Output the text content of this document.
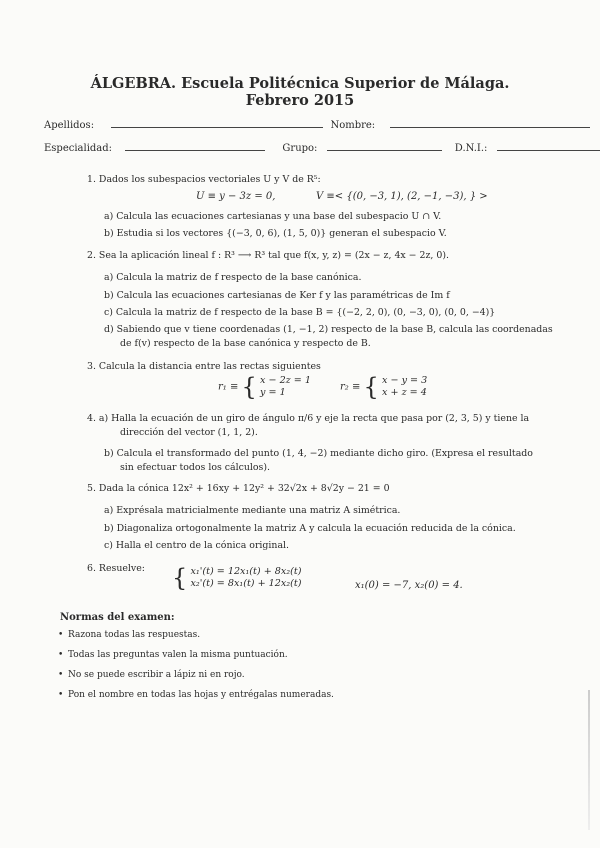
ÁLGEBRA. Escuela Politécnica Superior de Málaga.
Febrero 2015
Apellidos:	Nombre:
Especialidad:	Grupo:	D.N.I.:
1. Dados los subespacios vectoriales U y V de R⁵:
U ≡ y − 3z = 0,	V ≡< {(0, −3, 1), (2, −1, −3), } >
a) Calcula las ecuaciones cartesianas y una base del subespacio U ∩ V.
b) Estudia si los vectores {(−3, 0, 6), (1, 5, 0)} generan el subespacio V.
2. Sea la aplicación lineal f : R³ ⟶ R³ tal que f(x, y, z) = (2x − z, 4x − 2z, 0).
a) Calcula la matriz de f respecto de la base canónica.
b) Calcula las ecuaciones cartesianas de Ker f y las paramétricas de Im f
c) Calcula la matriz de f respecto de la base B = {(−2, 2, 0), (0, −3, 0), (0, 0, −4)}
d) Sabiendo que v tiene coordenadas (1, −1, 2) respecto de la base B, calcula las coordenadas
de f(v) respecto de la base canónica y respecto de B.
3. Calcula la distancia entre las rectas siguientes
r₁ ≡ { x − 2z = 1
y = 1	r₂ ≡ { x − y = 3
x + z = 4
4. a) Halla la ecuación de un giro de ángulo π/6 y eje la recta que pasa por (2, 3, 5) y tiene la
dirección del vector (1, 1, 2).
b) Calcula el transformado del punto (1, 4, −2) mediante dicho giro. (Expresa el resultado
sin efectuar todos los cálculos).
5. Dada la cónica 12x² + 16xy + 12y² + 32√2x + 8√2y − 21 = 0
a) Exprésala matricialmente mediante una matriz A simétrica.
b) Diagonaliza ortogonalmente la matriz A y calcula la ecuación reducida de la cónica.
c) Halla el centro de la cónica original.
6. Resuelve: { x₁'(t) = 12x₁(t) + 8x₂(t)
x₂'(t) = 8x₁(t) + 12x₂(t)	x₁(0) = −7, x₂(0) = 4.
Normas del examen:
• Razona todas las respuestas.
• Todas las preguntas valen la misma puntuación.
• No se puede escribir a lápiz ni en rojo.
• Pon el nombre en todas las hojas y entrégalas numeradas.
